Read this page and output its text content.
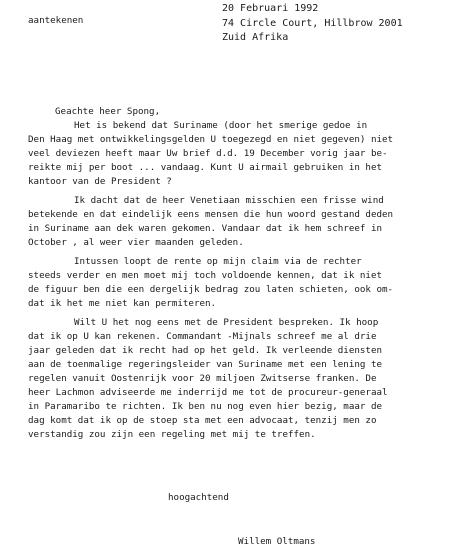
aantekenen
20 Februari 1992
74 Circle Court, Hillbrow 2001
Zuid Afrika
Geachte heer Spong,
Het is bekend dat Suriname (door het smerige gedoe in
Den Haag met ontwikkelingsgelden U toegezegd en niet gegeven) niet
veel deviezen heeft maar Uw brief d.d. 19 December vorig jaar be-
reikte mij per boot ... vandaag. Kunt U airmail gebruiken in het
kantoor van de President ?
Ik dacht dat de heer Venetiaan misschien een frisse wind
betekende en dat eindelijk eens mensen die hun woord gestand deden
in Suriname aan dek waren gekomen. Vandaar dat ik hem schreef in
October , al weer vier maanden geleden.
Intussen loopt de rente op mijn claim via de rechter
steeds verder en men moet mij toch voldoende kennen, dat ik niet
de figuur ben die een dergelijk bedrag zou laten schieten, ook om-
dat ik het me niet kan permiteren.
Wilt U het nog eens met de President bespreken. Ik hoop
dat ik op U kan rekenen. Commandant -Mijnals schreef me al drie
jaar geleden dat ik recht had op het geld. Ik verleende diensten
aan de toenmalige regeringsleider van Suriname met een lening te
regelen vanuit Oostenrijk voor 20 miljoen Zwitserse franken. De
heer Lachmon adviseerde me inderrijd me tot de procureur-generaal
in Paramaribo te richten. Ik ben nu nog even hier bezig, maar de
dag komt dat ik op de stoep sta met een advocaat, tenzij men zo
verstandig zou zijn een regeling met mij te treffen.
hoogachtend
Willem Oltmans
